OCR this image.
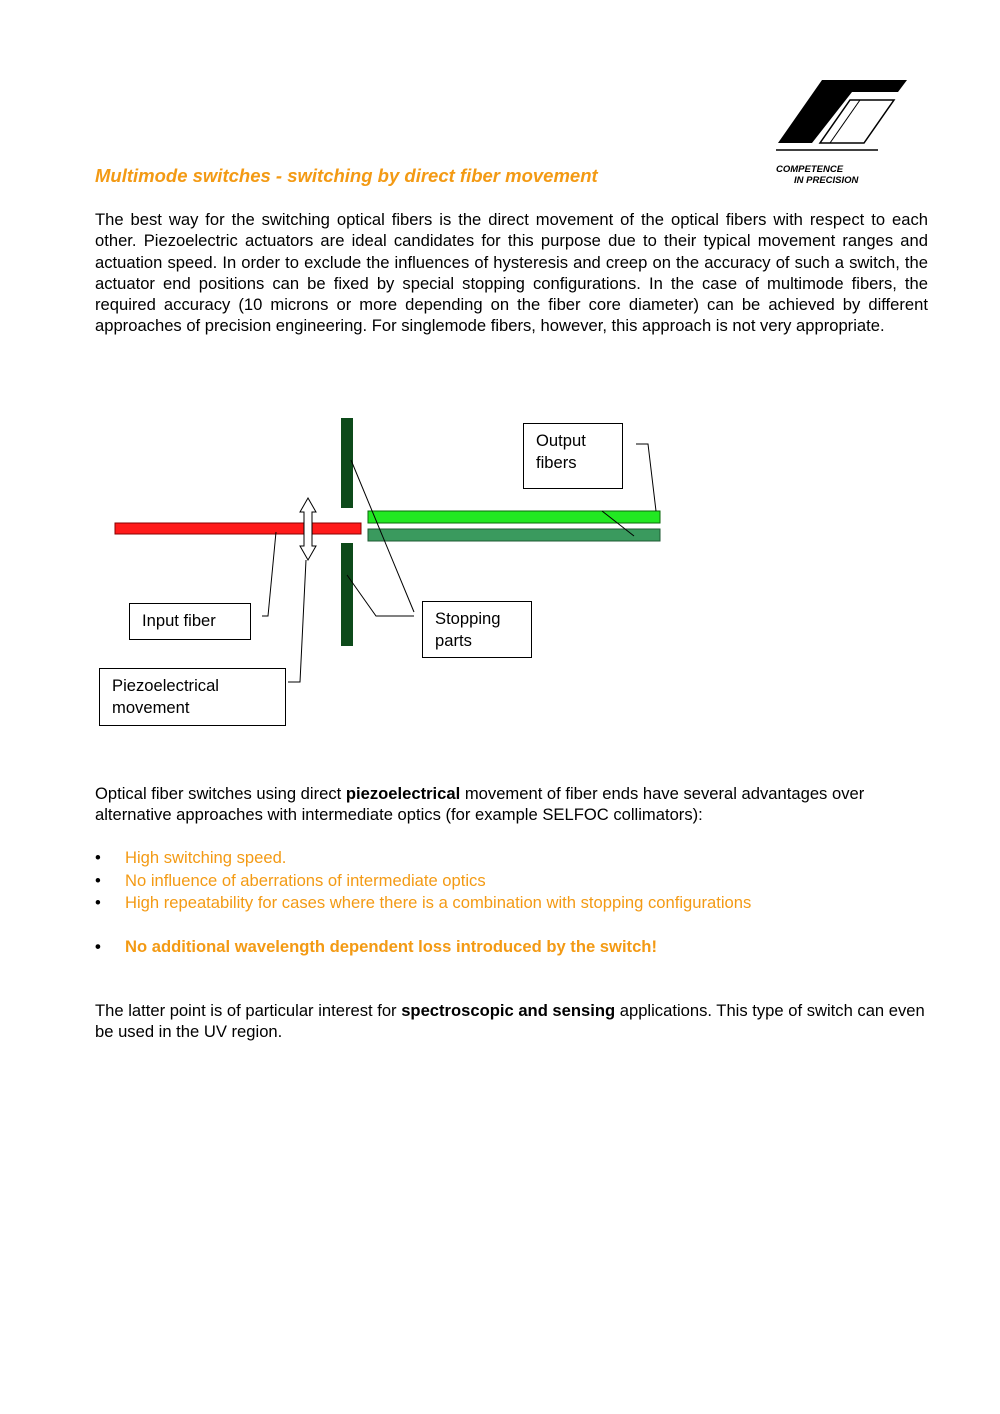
COMPETENCE
IN PRECISION
Multimode switches - switching by direct fiber movement

The best way for the switching optical fibers is the direct movement of the optical fibers with respect to each other. Piezoelectric actuators are ideal candidates for this purpose due to their typical movement ranges and actuation speed. In order to exclude the influences of hysteresis and creep on the accuracy of such a switch, the actuator end positions can be fixed by special stopping configurations. In the case of multimode fibers, the required accuracy (10 microns or more depending on the fiber core diameter) can be achieved by different approaches of precision engineering. For singlemode fibers, however, this approach is not very appropriate.

Output fibers
Input fiber	Stopping parts
Piezoelectrical movement

Optical fiber switches using direct piezoelectrical movement of fiber ends have several advantages over alternative approaches with intermediate optics (for example SELFOC collimators):

• High switching speed.
• No influence of aberrations of intermediate optics
• High repeatability for cases where there is a combination with stopping configurations
• No additional wavelength dependent loss introduced by the switch!

The latter point is of particular interest for spectroscopic and sensing applications. This type of switch can even be used in the UV region.
